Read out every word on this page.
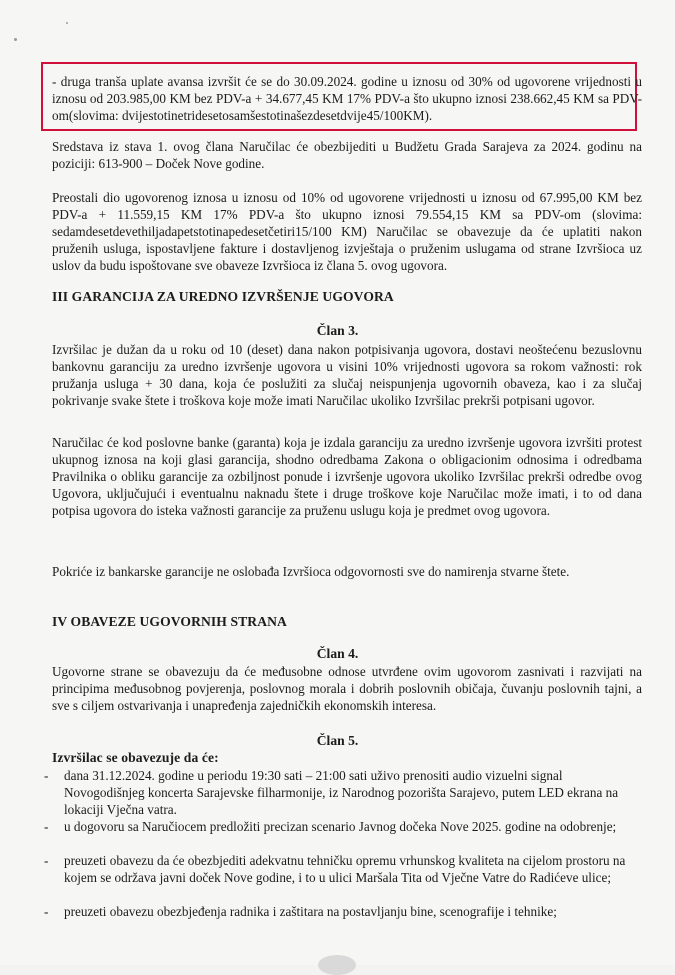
- druga tranša uplate avansa izvršit će se do 30.09.2024. godine u iznosu od 30% od ugovorene vrijednosti u iznosu od 203.985,00 KM bez PDV-a + 34.677,45 KM 17% PDV-a što ukupno iznosi 238.662,45 KM sa PDV-om(slovima: dvijestotinetridesetosamšestotinašezdesetdvije45/100KM).

Sredstava iz stava 1. ovog člana Naručilac će obezbijediti u Budžetu Grada Sarajeva za 2024. godinu na poziciji: 613-900 – Doček Nove godine.

Preostali dio ugovorenog iznosa u iznosu od 10% od ugovorene vrijednosti u iznosu od 67.995,00 KM bez PDV-a + 11.559,15 KM 17% PDV-a što ukupno iznosi 79.554,15 KM sa PDV-om (slovima: sedamdesetdevethiljadapetstotinapedesetčetiri15/100 KM) Naručilac se obavezuje da će uplatiti nakon pruženih usluga, ispostavljene fakture i dostavljenog izvještaja o pruženim uslugama od strane Izvršioca uz uslov da budu ispoštovane sve obaveze Izvršioca iz člana 5. ovog ugovora.

III GARANCIJA ZA UREDNO IZVRŠENJE UGOVORA

Član 3.

Izvršilac je dužan da u roku od 10 (deset) dana nakon potpisivanja ugovora, dostavi neoštećenu bezuslovnu bankovnu garanciju za uredno izvršenje ugovora u visini 10% vrijednosti ugovora sa rokom važnosti: rok pružanja usluga + 30 dana, koja će poslužiti za slučaj neispunjenja ugovornih obaveza, kao i za slučaj pokrivanje svake štete i troškova koje može imati Naručilac ukoliko Izvršilac prekrši potpisani ugovor.

Naručilac će kod poslovne banke (garanta) koja je izdala garanciju za uredno izvršenje ugovora izvršiti protest ukupnog iznosa na koji glasi garancija, shodno odredbama Zakona o obligacionim odnosima i odredbama Pravilnika o obliku garancije za ozbiljnost ponude i izvršenje ugovora ukoliko Izvršilac prekrši odredbe ovog Ugovora, uključujući i eventualnu naknadu štete i druge troškove koje Naručilac može imati, i to od dana potpisa ugovora do isteka važnosti garancije za pruženu uslugu koja je predmet ovog ugovora.

Pokriće iz bankarske garancije ne oslobađa Izvršioca odgovornosti sve do namirenja stvarne štete.

IV OBAVEZE UGOVORNIH STRANA

Član 4.

Ugovorne strane se obavezuju da će međusobne odnose utvrđene ovim ugovorom zasnivati i razvijati na principima međusobnog povjerenja, poslovnog morala i dobrih poslovnih običaja, čuvanju poslovnih tajni, a sve s ciljem ostvarivanja i unapređenja zajedničkih ekonomskih interesa.

Član 5.

Izvršilac se obavezuje da će:

-	dana 31.12.2024. godine u periodu 19:30 sati – 21:00 sati uživo prenositi audio vizuelni signal Novogodišnjeg koncerta Sarajevske filharmonije, iz Narodnog pozorišta Sarajevo, putem LED ekrana na lokaciji Vječna vatra.
-	u dogovoru sa Naručiocem predložiti precizan scenario Javnog dočeka Nove 2025. godine na odobrenje;
-	preuzeti obavezu da će obezbjediti adekvatnu tehničku opremu vrhunskog kvaliteta na cijelom prostoru na kojem se održava javni doček Nove godine, i to u ulici Maršala Tita od Vječne Vatre do Radićeve ulice;
-	preuzeti obavezu obezbjeđenja radnika i zaštitara na postavljanju bine, scenografije i tehnike;
